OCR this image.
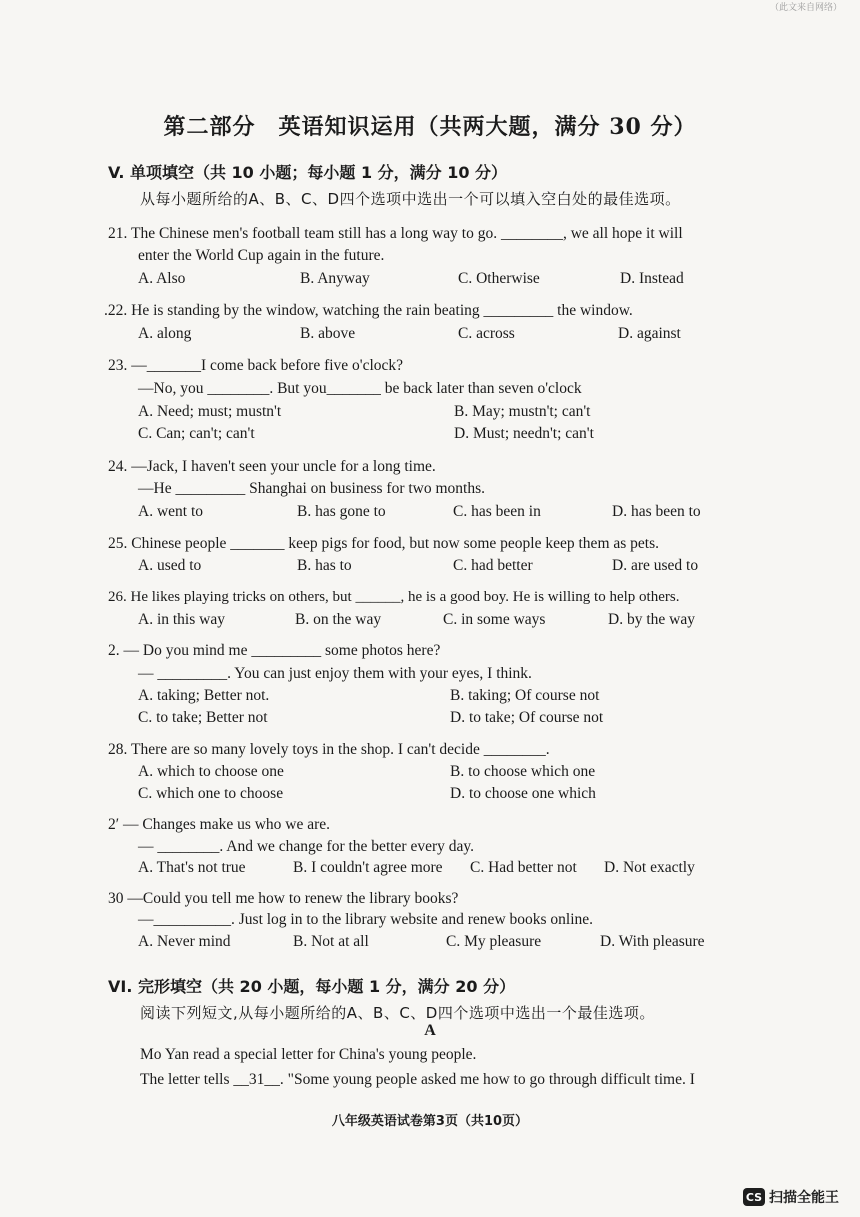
（此文来自网络）
第二部分　英语知识运用（共两大题，满分 30 分）
V. 单项填空（共 10 小题；每小题 1 分，满分 10 分）
从每小题所给的A、B、C、D四个选项中选出一个可以填入空白处的最佳选项。
21. The Chinese men's football team still has a long way to go. ________, we all hope it will
enter the World Cup again in the future.
A. Also	B. Anyway	C. Otherwise	D. Instead
.22. He is standing by the window, watching the rain beating _________ the window.
A. along	B. above	C. across	D. against
23. —_______I come back before five o'clock?
—No, you ________. But you_______ be back later than seven o'clock
A. Need; must; mustn't	B. May; mustn't; can't
C. Can; can't; can't	D. Must; needn't; can't
24. —Jack, I haven't seen your uncle for a long time.
—He _________ Shanghai on business for two months.
A. went to	B. has gone to	C. has been in	D. has been to
25. Chinese people _______ keep pigs for food, but now some people keep them as pets.
A. used to	B. has to	C. had better	D. are used to
26. He likes playing tricks on others, but ______, he is a good boy. He is willing to help others.
A. in this way	B. on the way	C. in some ways	D. by the way
2. — Do you mind me _________ some photos here?
— _________. You can just enjoy them with your eyes, I think.
A. taking; Better not.	B. taking; Of course not
C. to take; Better not	D. to take; Of course not
28. There are so many lovely toys in the shop. I can't decide ________.
A. which to choose one	B. to choose which one
C. which one to choose	D. to choose one which
2′ — Changes make us who we are.
— ________. And we change for the better every day.
A. That's not true	B. I couldn't agree more C. Had better not D. Not exactly
30 —Could you tell me how to renew the library books?
—__________. Just log in to the library website and renew books online.
A. Never mind	B. Not at all	C. My pleasure	D. With pleasure
VI. 完形填空（共 20 小题，每小题 1 分，满分 20 分）
阅读下列短文,从每小题所给的A、B、C、D四个选项中选出一个最佳选项。
A
Mo Yan read a special letter for China's young people.
The letter tells __31__. "Some young people asked me how to go through difficult time. I
八年级英语试卷第3页（共10页）
CS 扫描全能王
